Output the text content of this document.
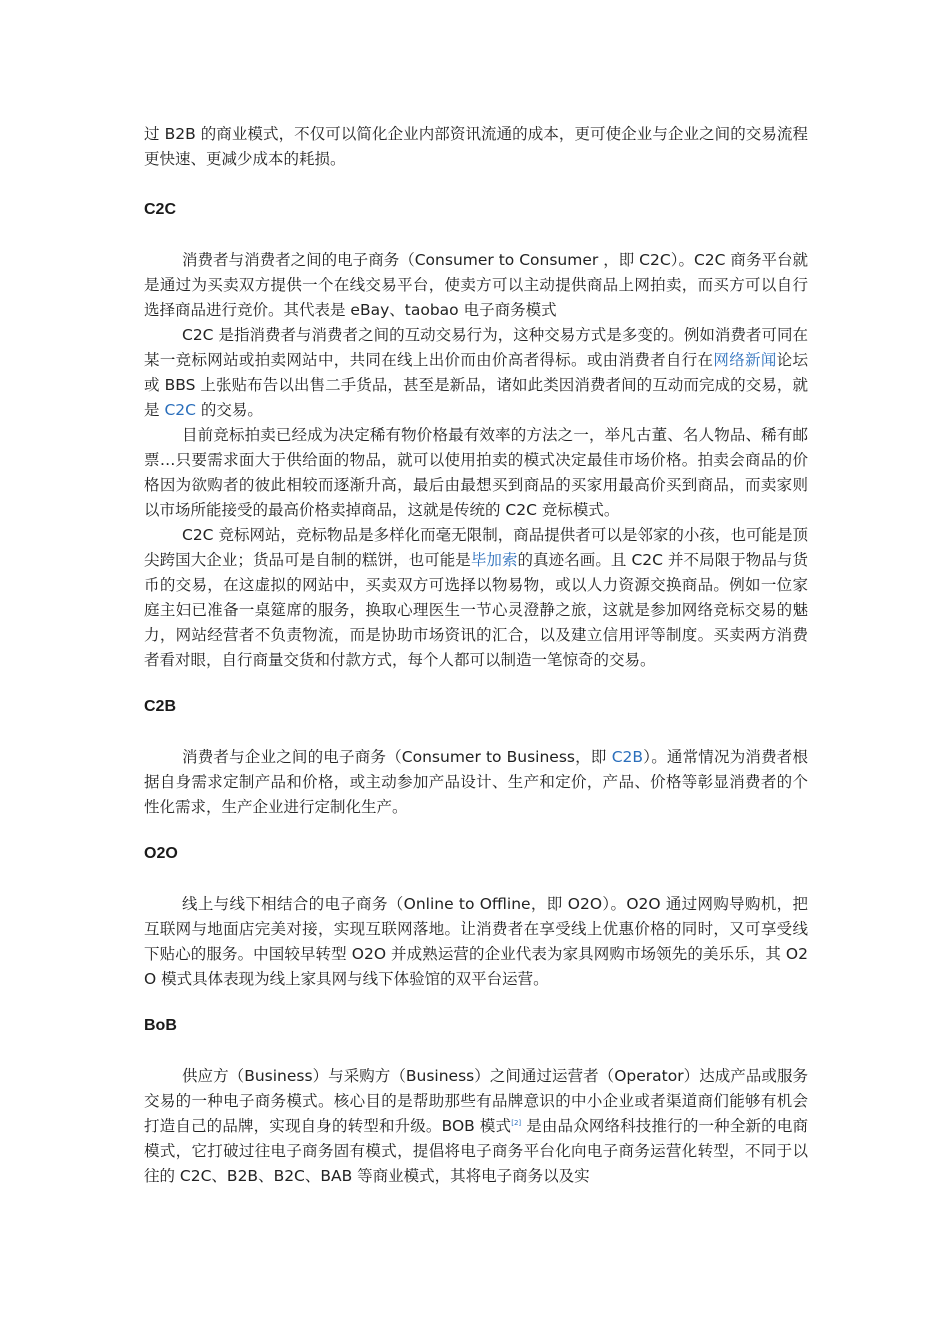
过 B2B 的商业模式，不仅可以简化企业内部资讯流通的成本，更可使企业与企业之间的交易流程更快速、更减少成本的耗损。

C2C

消费者与消费者之间的电子商务（Consumer to Consumer ，即 C2C）。C2C 商务平台就是通过为买卖双方提供一个在线交易平台，使卖方可以主动提供商品上网拍卖，而买方可以自行选择商品进行竞价。其代表是 eBay、taobao 电子商务模式

C2C 是指消费者与消费者之间的互动交易行为，这种交易方式是多变的。例如消费者可同在某一竞标网站或拍卖网站中，共同在线上出价而由价高者得标。或由消费者自行在网络新闻论坛或 BBS 上张贴布告以出售二手货品，甚至是新品，诸如此类因消费者间的互动而完成的交易，就是 C2C 的交易。

目前竞标拍卖已经成为决定稀有物价格最有效率的方法之一，举凡古董、名人物品、稀有邮票…只要需求面大于供给面的物品，就可以使用拍卖的模式决定最佳市场价格。拍卖会商品的价格因为欲购者的彼此相较而逐渐升高，最后由最想买到商品的买家用最高价买到商品，而卖家则以市场所能接受的最高价格卖掉商品，这就是传统的 C2C 竞标模式。

C2C 竞标网站，竞标物品是多样化而毫无限制，商品提供者可以是邻家的小孩，也可能是顶尖跨国大企业；货品可是自制的糕饼，也可能是毕加索的真迹名画。且 C2C 并不局限于物品与货币的交易，在这虚拟的网站中，买卖双方可选择以物易物，或以人力资源交换商品。例如一位家庭主妇已准备一桌筵席的服务，换取心理医生一节心灵澄静之旅，这就是参加网络竞标交易的魅力，网站经营者不负责物流，而是协助市场资讯的汇合，以及建立信用评等制度。买卖两方消费者看对眼，自行商量交货和付款方式，每个人都可以制造一笔惊奇的交易。

C2B

消费者与企业之间的电子商务（Consumer to Business，即 C2B）。通常情况为消费者根据自身需求定制产品和价格，或主动参加产品设计、生产和定价，产品、价格等彰显消费者的个性化需求，生产企业进行定制化生产。

O2O

线上与线下相结合的电子商务（Online to Offline，即 O2O）。O2O 通过网购导购机，把互联网与地面店完美对接，实现互联网落地。让消费者在享受线上优惠价格的同时，又可享受线下贴心的服务。中国较早转型 O2O 并成熟运营的企业代表为家具网购市场领先的美乐乐，其 O2O 模式具体表现为线上家具网与线下体验馆的双平台运营。

BoB

供应方（Business）与采购方（Business）之间通过运营者（Operator）达成产品或服务交易的一种电子商务模式。核心目的是帮助那些有品牌意识的中小企业或者渠道商们能够有机会打造自己的品牌，实现自身的转型和升级。BOB 模式[2] 是由品众网络科技推行的一种全新的电商模式，它打破过往电子商务固有模式，提倡将电子商务平台化向电子商务运营化转型，不同于以往的 C2C、B2B、B2C、BAB 等商业模式，其将电子商务以及实
